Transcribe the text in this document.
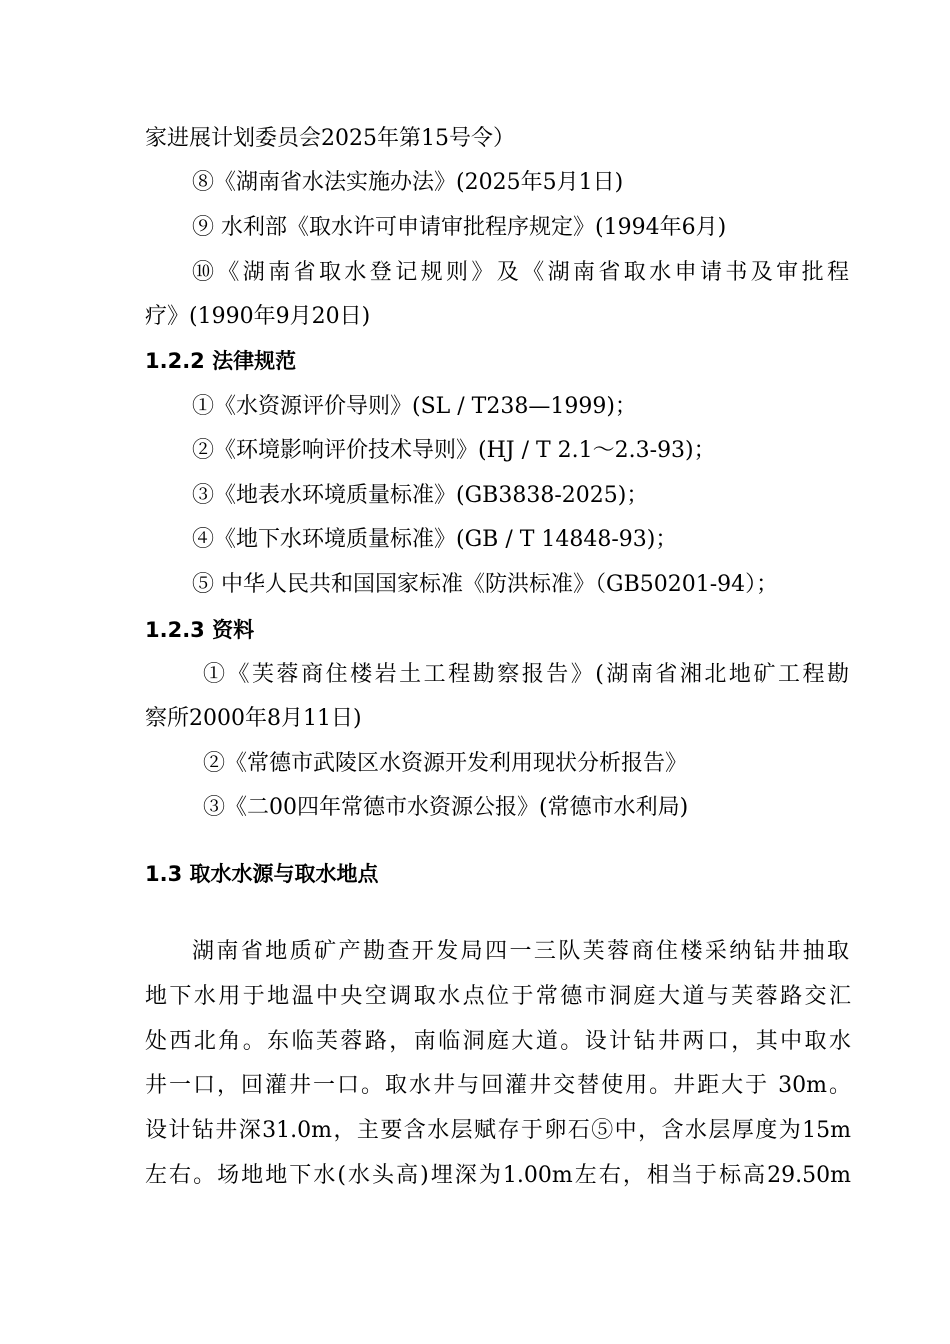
家进展计划委员会2025年第15号令）
⑧《湖南省水法实施办法》(2025年5月1日)
⑨ 水利部《取水许可申请审批程序规定》(1994年6月)
⑩《湖南省取水登记规则》及《湖南省取水申请书及审批程
疗》(1990年9月20日)
1.2.2 法律规范
①《水资源评价导则》(SL / T238—1999)；
②《环境影响评价技术导则》(HJ / T 2.1～2.3-93)；
③《地表水环境质量标准》(GB3838-2025)；
④《地下水环境质量标准》(GB / T 14848-93)；
⑤ 中华人民共和国国家标准《防洪标准》（GB50201-94）；
1.2.3 资料
①《芙蓉商住楼岩土工程勘察报告》(湖南省湘北地矿工程勘
察所2000年8月11日)
②《常德市武陵区水资源开发利用现状分析报告》
③《二00四年常德市水资源公报》(常德市水利局)
1.3 取水水源与取水地点
湖南省地质矿产勘查开发局四一三队芙蓉商住楼采纳钻井抽取
地下水用于地温中央空调取水点位于常德市洞庭大道与芙蓉路交汇
处西北角。东临芙蓉路，南临洞庭大道。设计钻井两口，其中取水
井一口，回灌井一口。取水井与回灌井交替使用。井距大于 30m。
设计钻井深31.0m，主要含水层赋存于卵石⑤中，含水层厚度为15m
左右。场地地下水(水头高)埋深为1.00m左右，相当于标高29.50m
